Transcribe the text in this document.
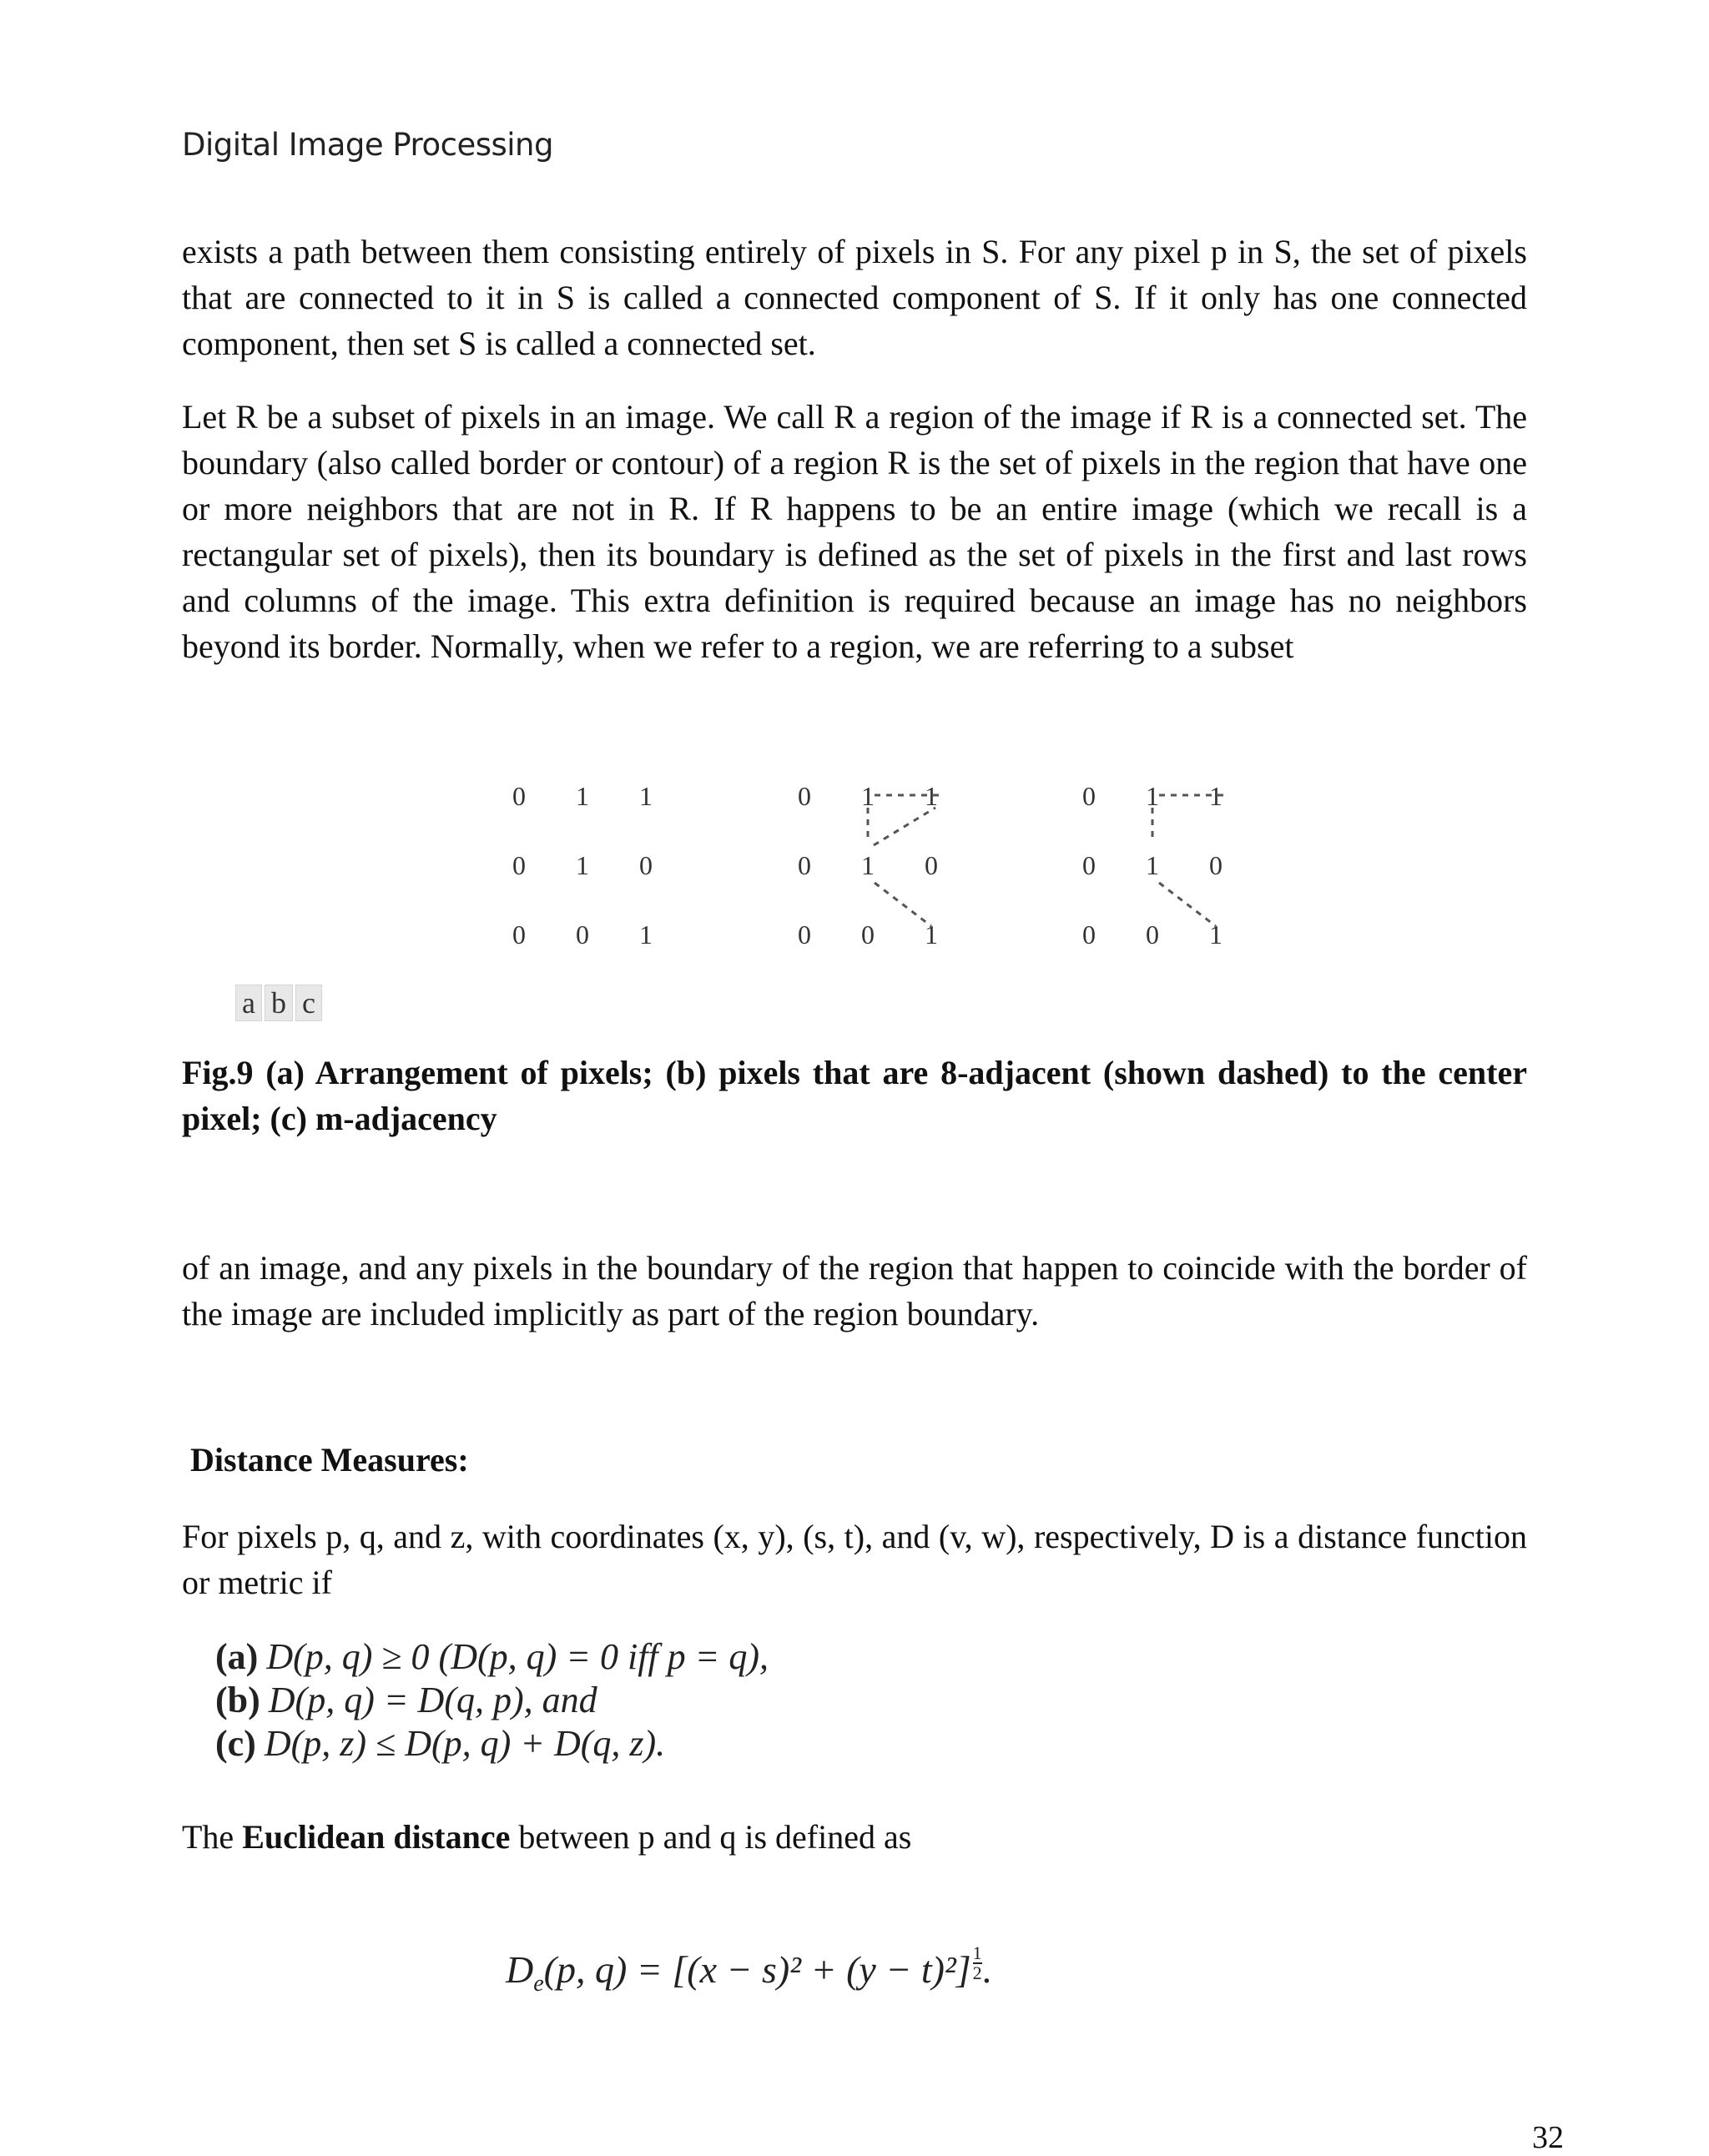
Digital Image Processing

exists a path between them consisting entirely of pixels in S. For any pixel p in S, the set of pixels that are connected to it in S is called a connected component of S. If it only has one connected component, then set S is called a connected set.

Let R be a subset of pixels in an image. We call R a region of the image if R is a connected set. The boundary (also called border or contour) of a region R is the set of pixels in the region that have one or more neighbors that are not in R. If R happens to be an entire image (which we recall is a rectangular set of pixels), then its boundary is defined as the set of pixels in the first and last rows and columns of the image. This extra definition is required because an image has no neighbors beyond its border. Normally, when we refer to a region, we are referring to a subset

0 1 1
0 1 0
0 0 1
0 1 1
0 1 0
0 0 1
0 1 1
0 1 0
0 0 1
a b c

Fig.9 (a) Arrangement of pixels; (b) pixels that are 8-adjacent (shown dashed) to the center pixel; (c) m-adjacency

of an image, and any pixels in the boundary of the region that happen to coincide with the border of the image are included implicitly as part of the region boundary.

Distance Measures:

For pixels p, q, and z, with coordinates (x, y), (s, t), and (v, w), respectively, D is a distance function or metric if

(a) D(p, q) ≥ 0 (D(p, q) = 0 iff p = q),
(b) D(p, q) = D(q, p), and
(c) D(p, z) ≤ D(p, q) + D(q, z).

The Euclidean distance between p and q is defined as

$D_e(p$, $q) = [(x - s)^2 + (y - t)^2] \frac{1}{2}$ .
32
